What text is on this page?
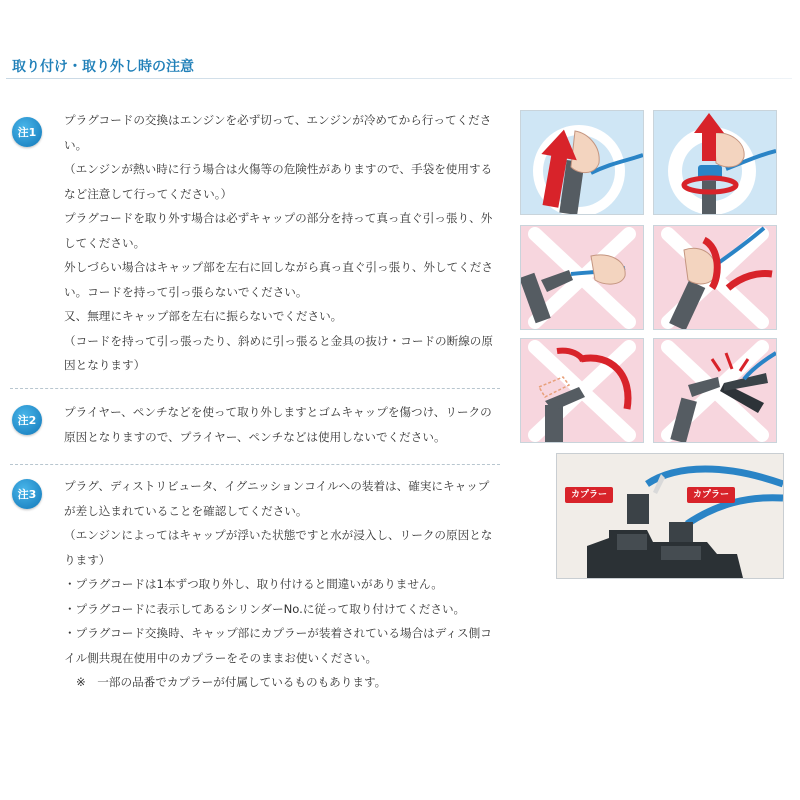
取り付け・取り外し時の注意
注1

プラグコードの交換はエンジンを必ず切って、エンジンが冷めてから行ってください。

（エンジンが熱い時に行う場合は火傷等の危険性がありますので、手袋を使用するなど注意して行ってください。）

プラグコードを取り外す場合は必ずキャップの部分を持って真っ直ぐ引っ張り、外してください。

外しづらい場合はキャップ部を左右に回しながら真っ直ぐ引っ張り、外してください。コードを持って引っ張らないでください。

又、無理にキャップ部を左右に振らないでください。

（コードを持って引っ張ったり、斜めに引っ張ると金具の抜け・コードの断線の原因となります）

注2

プライヤー、ペンチなどを使って取り外しますとゴムキャップを傷つけ、リークの原因となりますので、プライヤー、ペンチなどは使用しないでください。

注3

プラグ、ディストリビュータ、イグニッションコイルへの装着は、確実にキャップが差し込まれていることを確認してください。

（エンジンによってはキャップが浮いた状態ですと水が浸入し、リークの原因となります）

・プラグコードは1本ずつ取り外し、取り付けると間違いがありません。

・プラグコードに表示してあるシリンダーNo.に従って取り付けてください。

・プラグコード交換時、キャップ部にカプラーが装着されている場合はディス側コイル側共現在使用中のカプラーをそのままお使いください。

※　一部の品番でカプラーが付属しているものもあります。

カプラー	カプラー
